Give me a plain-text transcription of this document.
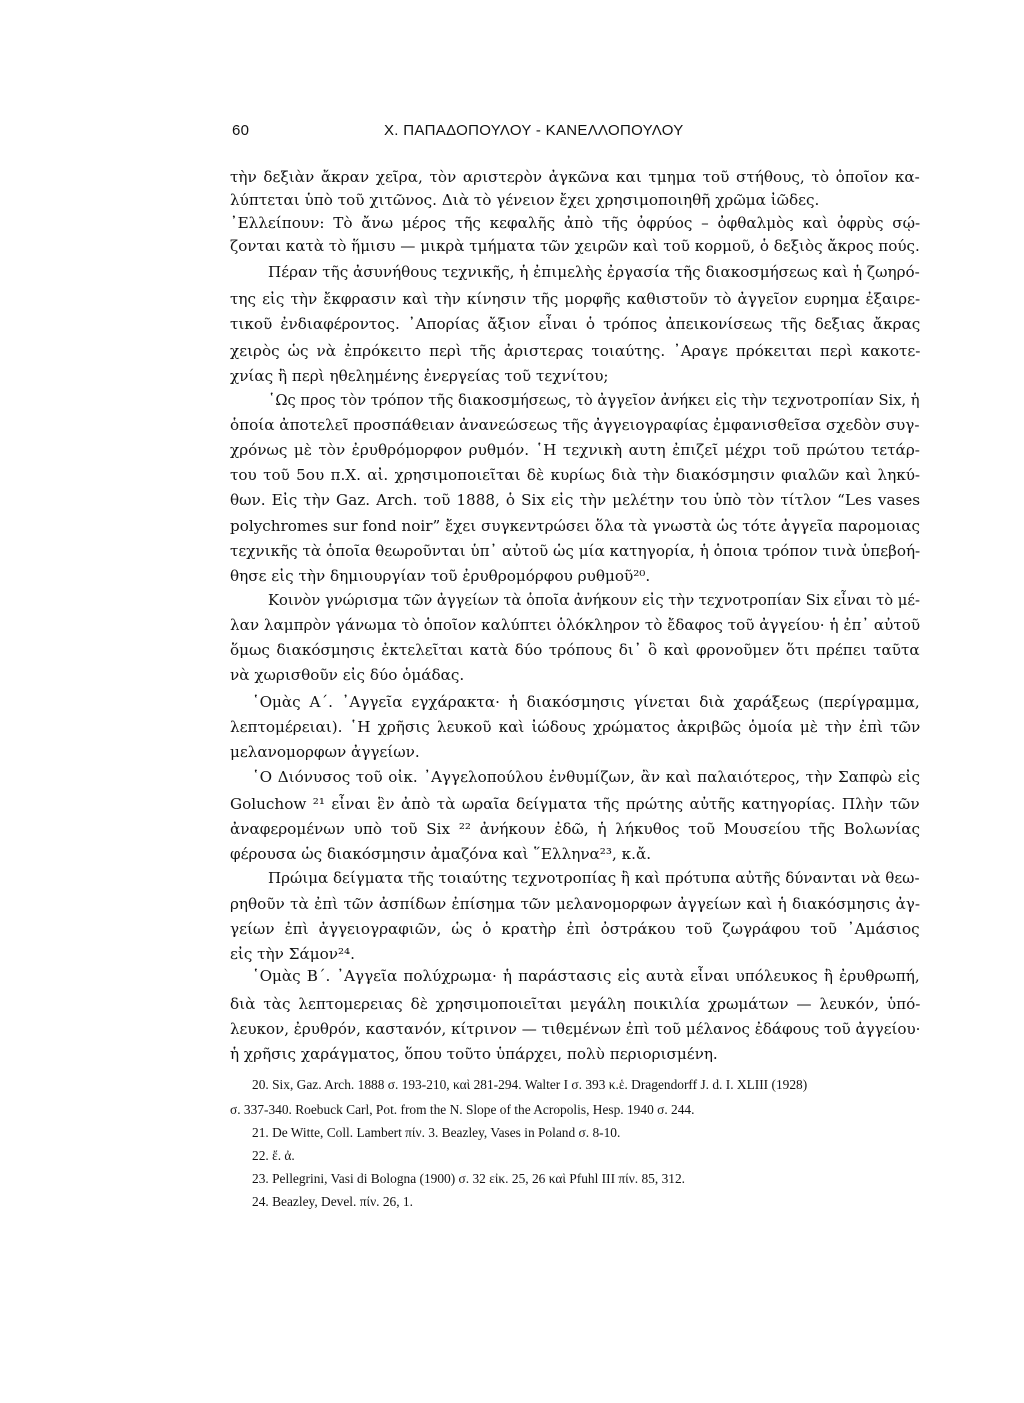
60	Χ. ΠΑΠΑΔΟΠΟΥΛΟΥ - ΚΑΝΕΛΛΟΠΟΥΛΟΥ
τὴν δεξιὰν ἄκραν χεῖρα, τὸν αριστερὸν ἀγκῶνα και τμημα τοῦ στήθους, τὸ ὁποῖον κα-
λύπτεται ὑπὸ τοῦ χιτῶνος. Διὰ τὸ γένειον ἔχει χρησιμοποιηθῆ χρῶμα ἰῶδες.
᾿Ελλείπουν: Τὸ ἄνω μέρος τῆς κεφαλῆς ἀπὸ τῆς ὀφρύος – ὀφθαλμὸς καὶ ὀφρὺς σῴ-
ζονται κατὰ τὸ ἥμισυ — μικρὰ τμήματα τῶν χειρῶν καὶ τοῦ κορμοῦ, ὁ δεξιὸς ἄκρος πούς.
Πέραν τῆς ἀσυνήθους τεχνικῆς, ἡ ἐπιμελὴς ἐργασία τῆς διακοσμήσεως καὶ ἡ ζωηρό-
της εἰς τὴν ἔκφρασιν καὶ τὴν κίνησιν τῆς μορφῆς καθιστοῦν τὸ ἀγγεῖον ευρημα ἐξαιρε-
τικοῦ ἐνδιαφέροντος. ᾿Απορίας ἄξιον εἶναι ὁ τρόπος ἀπεικονίσεως τῆς δεξιας ἄκρας
χειρὸς ὡς νὰ ἐπρόκειτο περὶ τῆς ἀριστερας τοιαύτης. ᾿Αραγε πρόκειται περὶ κακοτε-
χνίας ἢ περὶ ηθελημένης ἐνεργείας τοῦ τεχνίτου;
῾Ως προς τὸν τρόπον τῆς διακοσμήσεως, τὸ ἀγγεῖον ἀνήκει εἰς τὴν τεχνοτροπίαν Six, ἡ
ὁποία ἀποτελεῖ προσπάθειαν ἀνανεώσεως τῆς ἀγγειογραφίας ἐμφανισθεῖσα σχεδὸν συγ-
χρόνως μὲ τὸν ἐρυθρόμορφον ρυθμόν. ῾Η τεχνικὴ αυτη ἐπιζεῖ μέχρι τοῦ πρώτου τετάρ-
του τοῦ 5ου π.Χ. αἰ. χρησιμοποιεῖται δὲ κυρίως διὰ τὴν διακόσμησιν φιαλῶν καὶ ληκύ-
θων. Εἰς τὴν Gaz. Arch. τοῦ 1888, ὁ Six εἰς τὴν μελέτην του ὑπὸ τὸν τίτλον “Les vases
polychromes sur fond noir” ἔχει συγκεντρώσει ὅλα τὰ γνωστὰ ὡς τότε ἀγγεῖα παρομοιας
τεχνικῆς τὰ ὁποῖα θεωροῦνται ὑπ᾿ αὐτοῦ ὡς μία κατηγορία, ἡ ὁποια τρόπον τινὰ ὑπεβοή-
θησε εἰς τὴν δημιουργίαν τοῦ ἐρυθρομόρφου ρυθμοῦ²⁰.
Κοινὸν γνώρισμα τῶν ἀγγείων τὰ ὁποῖα ἀνήκουν εἰς τὴν τεχνοτροπίαν Six εἶναι τὸ μέ-
λαν λαμπρὸν γάνωμα τὸ ὁποῖον καλύπτει ὁλόκληρον τὸ ἔδαφος τοῦ ἀγγείου· ἡ ἐπ᾿ αὐτοῦ
ὅμως διακόσμησις ἐκτελεῖται κατὰ δύο τρόπους δι᾿ ὃ καὶ φρονοῦμεν ὅτι πρέπει ταῦτα
νὰ χωρισθοῦν εἰς δύο ὁμάδας.
῾Ομὰς Α΄. ᾿Αγγεῖα εγχάρακτα· ἡ διακόσμησις γίνεται διὰ χαράξεως (περίγραμμα,
λεπτομέρειαι). ῾Η χρῆσις λευκοῦ καὶ ἰώδους χρώματος ἀκριβῶς ὁμοία μὲ τὴν ἐπὶ τῶν
μελανομορφων ἀγγείων.
῾Ο Διόνυσος τοῦ οἰκ. ᾿Αγγελοπούλου ἐνθυμίζων, ἂν καὶ παλαιότερος, τὴν Σαπφὼ εἰς
Goluchow ²¹ εἶναι ἓν ἀπὸ τὰ ωραῖα δείγματα τῆς πρώτης αὐτῆς κατηγορίας. Πλὴν τῶν
ἀναφερομένων υπὸ τοῦ Six ²² ἀνήκουν ἐδῶ, ἡ λήκυθος τοῦ Μουσείου τῆς Βολωνίας
φέρουσα ὡς διακόσμησιν ἀμαζόνα καὶ ῞Ελληνα²³, κ.ἄ.
Πρώιμα δείγματα τῆς τοιαύτης τεχνοτροπίας ἢ καὶ πρότυπα αὐτῆς δύνανται νὰ θεω-
ρηθοῦν τὰ ἐπὶ τῶν ἀσπίδων ἐπίσημα τῶν μελανομορφων ἀγγείων καὶ ἡ διακόσμησις ἀγ-
γείων ἐπὶ ἀγγειογραφιῶν, ὡς ὁ κρατὴρ ἐπὶ ὀστράκου τοῦ ζωγράφου τοῦ ᾿Αμάσιος
εἰς τὴν Σάμον²⁴.
῾Ομὰς Β΄. ᾿Αγγεῖα πολύχρωμα· ἡ παράστασις εἰς αυτὰ εἶναι υπόλευκος ἢ ἐρυθρωπή,
διὰ τὰς λεπτομερειας δὲ χρησιμοποιεῖται μεγάλη ποικιλία χρωμάτων — λευκόν, ὑπό-
λευκον, ἐρυθρόν, καστανόν, κίτρινον — τιθεμένων ἐπὶ τοῦ μέλανος ἐδάφους τοῦ ἀγγείου·
ἡ χρῆσις χαράγματος, ὅπου τοῦτο ὑπάρχει, πολὺ περιορισμένη.
20. Six, Gaz. Arch. 1888 σ. 193-210, καὶ 281-294. Walter I σ. 393 κ.ἑ. Dragendorff J. d. I. XLIII (1928)
σ. 337-340. Roebuck Carl, Pot. from the N. Slope of the Acropolis, Hesp. 1940 σ. 244.
21. De Witte, Coll. Lambert πίν. 3. Beazley, Vases in Poland σ. 8-10.
22. ἔ. ἀ.
23. Pellegrini, Vasi di Bologna (1900) σ. 32 εἰκ. 25, 26 καὶ Pfuhl III πίν. 85, 312.
24. Beazley, Devel. πίν. 26, 1.
